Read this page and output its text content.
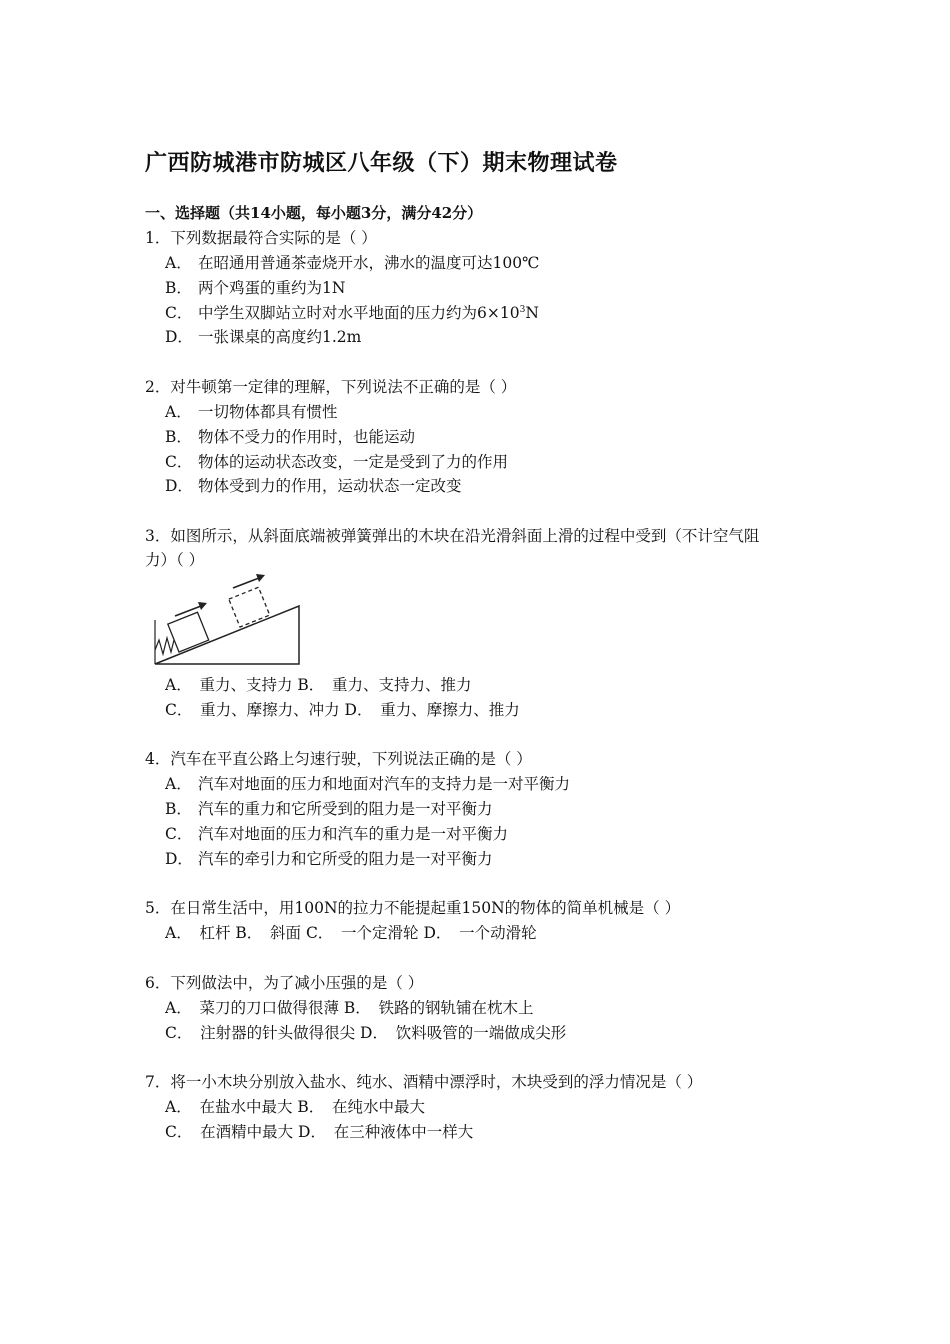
广西防城港市防城区八年级（下）期末物理试卷
一、选择题（共14小题，每小题3分，满分42分）
1．下列数据最符合实际的是（ ）
A． 在昭通用普通茶壶烧开水，沸水的温度可达100℃
B． 两个鸡蛋的重约为1N
C． 中学生双脚站立时对水平地面的压力约为$6\times 10^3N$
D． 一张课桌的高度约1.2m
2．对牛顿第一定律的理解，下列说法不正确的是（ ）
A． 一切物体都具有惯性
B． 物体不受力的作用时，也能运动
C． 物体的运动状态改变，一定是受到了力的作用
D． 物体受到力的作用，运动状态一定改变
3．如图所示，从斜面底端被弹簧弹出的木块在沿光滑斜面上滑的过程中受到（不计空气阻
力）（ ）
A．　重力、支持力 B．　重力、支持力、推力
C．　重力、摩擦力、冲力 D．　重力、摩擦力、推力
4．汽车在平直公路上匀速行驶，下列说法正确的是（ ）
A． 汽车对地面的压力和地面对汽车的支持力是一对平衡力
B． 汽车的重力和它所受到的阻力是一对平衡力
C． 汽车对地面的压力和汽车的重力是一对平衡力
D． 汽车的牵引力和它所受的阻力是一对平衡力
5．在日常生活中，用100N的拉力不能提起重150N的物体的简单机械是（ ）
A．　杠杆 B．　斜面 C．　一个定滑轮 D．　一个动滑轮
6．下列做法中，为了减小压强的是（ ）
A．　菜刀的刀口做得很薄 B．　铁路的钢轨铺在枕木上
C．　注射器的针头做得很尖 D．　饮料吸管的一端做成尖形
7．将一小木块分别放入盐水、纯水、酒精中漂浮时，木块受到的浮力情况是（ ）
A．　在盐水中最大 B．　在纯水中最大
C．　在酒精中最大 D．　在三种液体中一样大
